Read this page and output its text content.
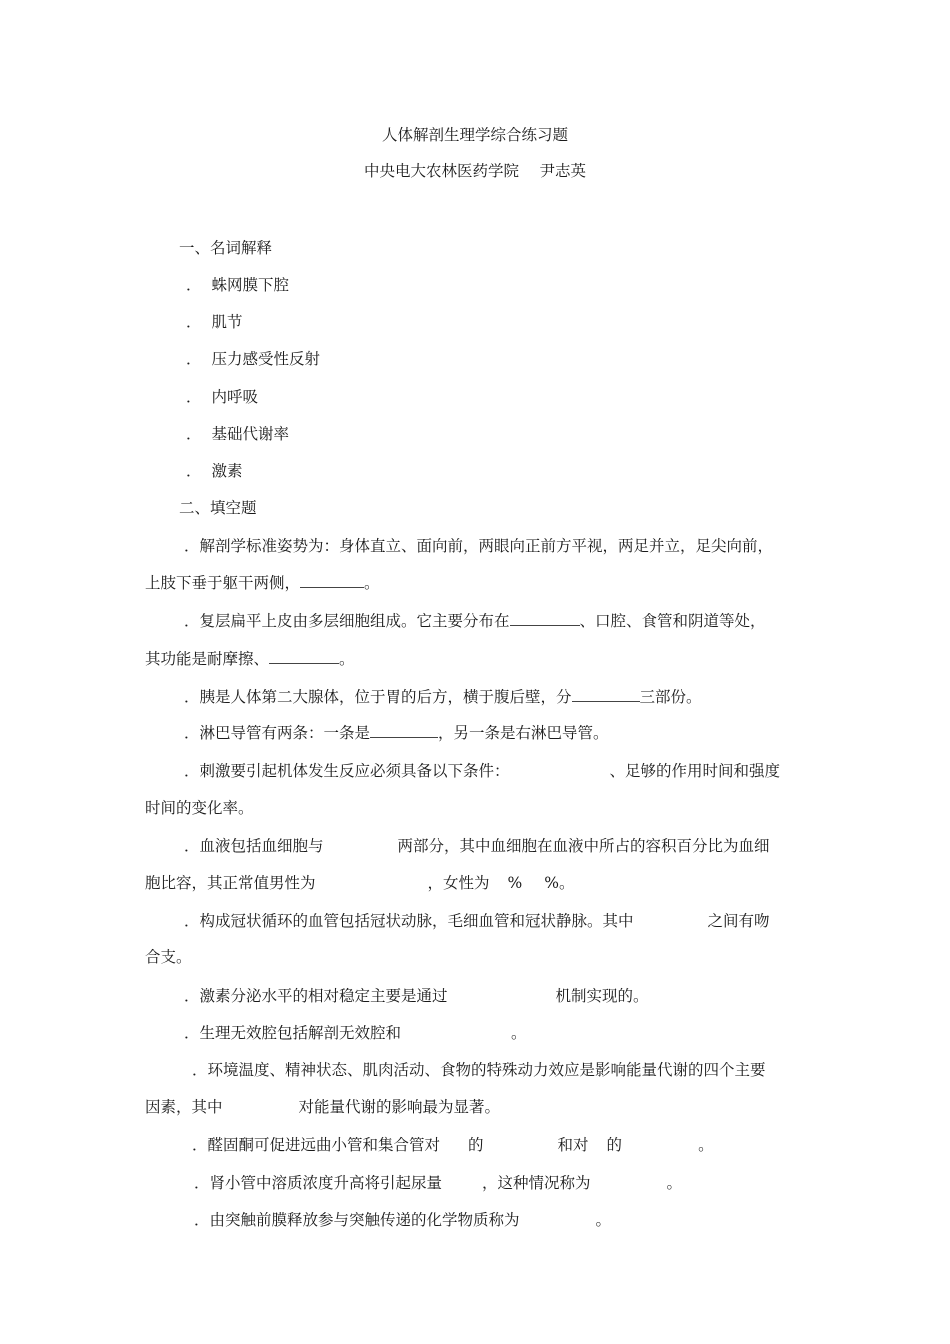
人体解剖生理学综合练习题
中央电大农林医药学院　 尹志英
一、名词解释
． 蛛网膜下腔
． 肌节
． 压力感受性反射
． 内呼吸
． 基础代谢率
． 激素
二、填空题
．解剖学标准姿势为：身体直立、面向前，两眼向正前方平视，两足并立，足尖向前，
上肢下垂于躯干两侧，	。
．复层扁平上皮由多层细胞组成。它主要分布在	、口腔、食管和阴道等处，
其功能是耐摩擦、	。
．胰是人体第二大腺体，位于胃的后方，横于腹后壁，分	三部份。
．淋巴导管有两条：一条是	，另一条是右淋巴导管。
．刺激要引起机体发生反应必须具备以下条件：	、足够的作用时间和强度
时间的变化率。
．血液包括血细胞与	两部分，其中血细胞在血液中所占的容积百分比为血细
胞比容，其正常值男性为	，女性为 % %。
．构成冠状循环的血管包括冠状动脉，毛细血管和冠状静脉。其中	之间有吻
合支。
．激素分泌水平的相对稳定主要是通过	机制实现的。
．生理无效腔包括解剖无效腔和	。
．环境温度、精神状态、肌肉活动、食物的特殊动力效应是影响能量代谢的四个主要
因素，其中	对能量代谢的影响最为显著。
．醛固酮可促进远曲小管和集合管对 的	和对 的	。
．肾小管中溶质浓度升高将引起尿量	，这种情况称为	。
．由突触前膜释放参与突触传递的化学物质称为	。
